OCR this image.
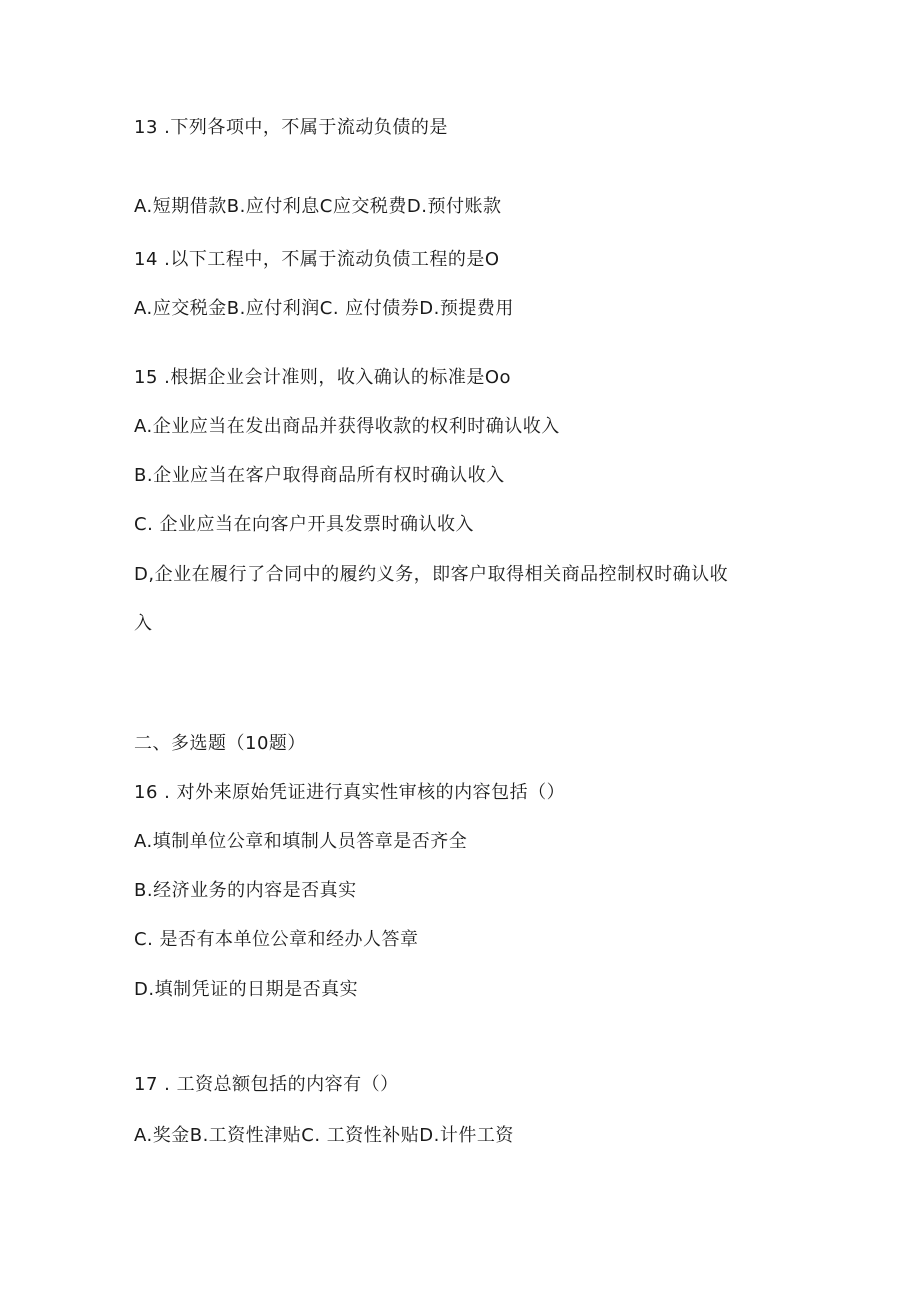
13 .下列各项中，不属于流动负债的是
A.短期借款B.应付利息C应交税费D.预付账款
14 .以下工程中，不属于流动负债工程的是O
A.应交税金B.应付利润C. 应付债券D.预提费用
15 .根据企业会计准则，收入确认的标准是Oo
A.企业应当在发出商品并获得收款的权利时确认收入
B.企业应当在客户取得商品所有权时确认收入
C. 企业应当在向客户开具发票时确认收入
D,企业在履行了合同中的履约义务，即客户取得相关商品控制权时确认收
入
二、多选题（10题）
16 . 对外来原始凭证进行真实性审核的内容包括（）
A.填制单位公章和填制人员答章是否齐全
B.经济业务的内容是否真实
C. 是否有本单位公章和经办人答章
D.填制凭证的日期是否真实
17 . 工资总额包括的内容有（）
A.奖金B.工资性津贴C. 工资性补贴D.计件工资
